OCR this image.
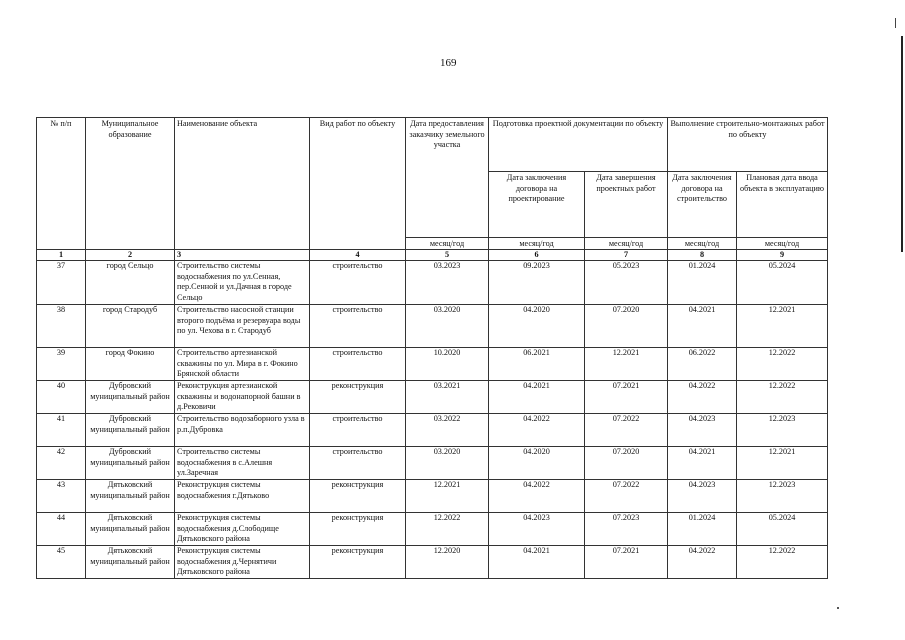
169
№ п/п	Муниципальное образование	Наименование объекта	Вид работ по объекту	Дата предоставления заказчику земельного участка	Подготовка проектной документации по объекту		Выполнение строительно-монтажных работ по объекту	
					Дата заключения договора на проектирование	Дата завершения проектных работ	Дата заключения договора на строительство	Плановая дата ввода объекта в эксплуатацию
				месяц/год	месяц/год	месяц/год	месяц/год	месяц/год
1	2	3	4	5	6	7	8	9
37	город Сельцо	Строительство системы водоснабжения по ул.Сенная, пер.Сенной и ул.Дачная в городе Сельцо	строительство	03.2023	09.2023	05.2023	01.2024	05.2024
38	город Стародуб	Строительство насосной станции второго подъёма и резервуара воды по ул. Чехова в г. Стародуб	строительство	03.2020	04.2020	07.2020	04.2021	12.2021
39	город Фокино	Строительство артезианской скважины по ул. Мира в г. Фокино Брянской области	строительство	10.2020	06.2021	12.2021	06.2022	12.2022
40	Дубровский муниципальный район	Реконструкция артезианской скважины и водонапорной башни в д.Рековичи	реконструкция	03.2021	04.2021	07.2021	04.2022	12.2022
41	Дубровский муниципальный район	Строительство водозаборного узла в р.п.Дубровка	строительство	03.2022	04.2022	07.2022	04.2023	12.2023
42	Дубровский муниципальный район	Строительство системы водоснабжения в с.Алешня ул.Заречная	строительство	03.2020	04.2020	07.2020	04.2021	12.2021
43	Дятьковский муниципальный район	Реконструкция системы водоснабжения г.Дятьково	реконструкция	12.2021	04.2022	07.2022	04.2023	12.2023
44	Дятьковский муниципальный район	Реконструкция системы водоснабжения д.Слободище Дятьковского района	реконструкция	12.2022	04.2023	07.2023	01.2024	05.2024
45	Дятьковский муниципальный район	Реконструкция системы водоснабжения д.Чернятичи Дятьковского района	реконструкция	12.2020	04.2021	07.2021	04.2022	12.2022
